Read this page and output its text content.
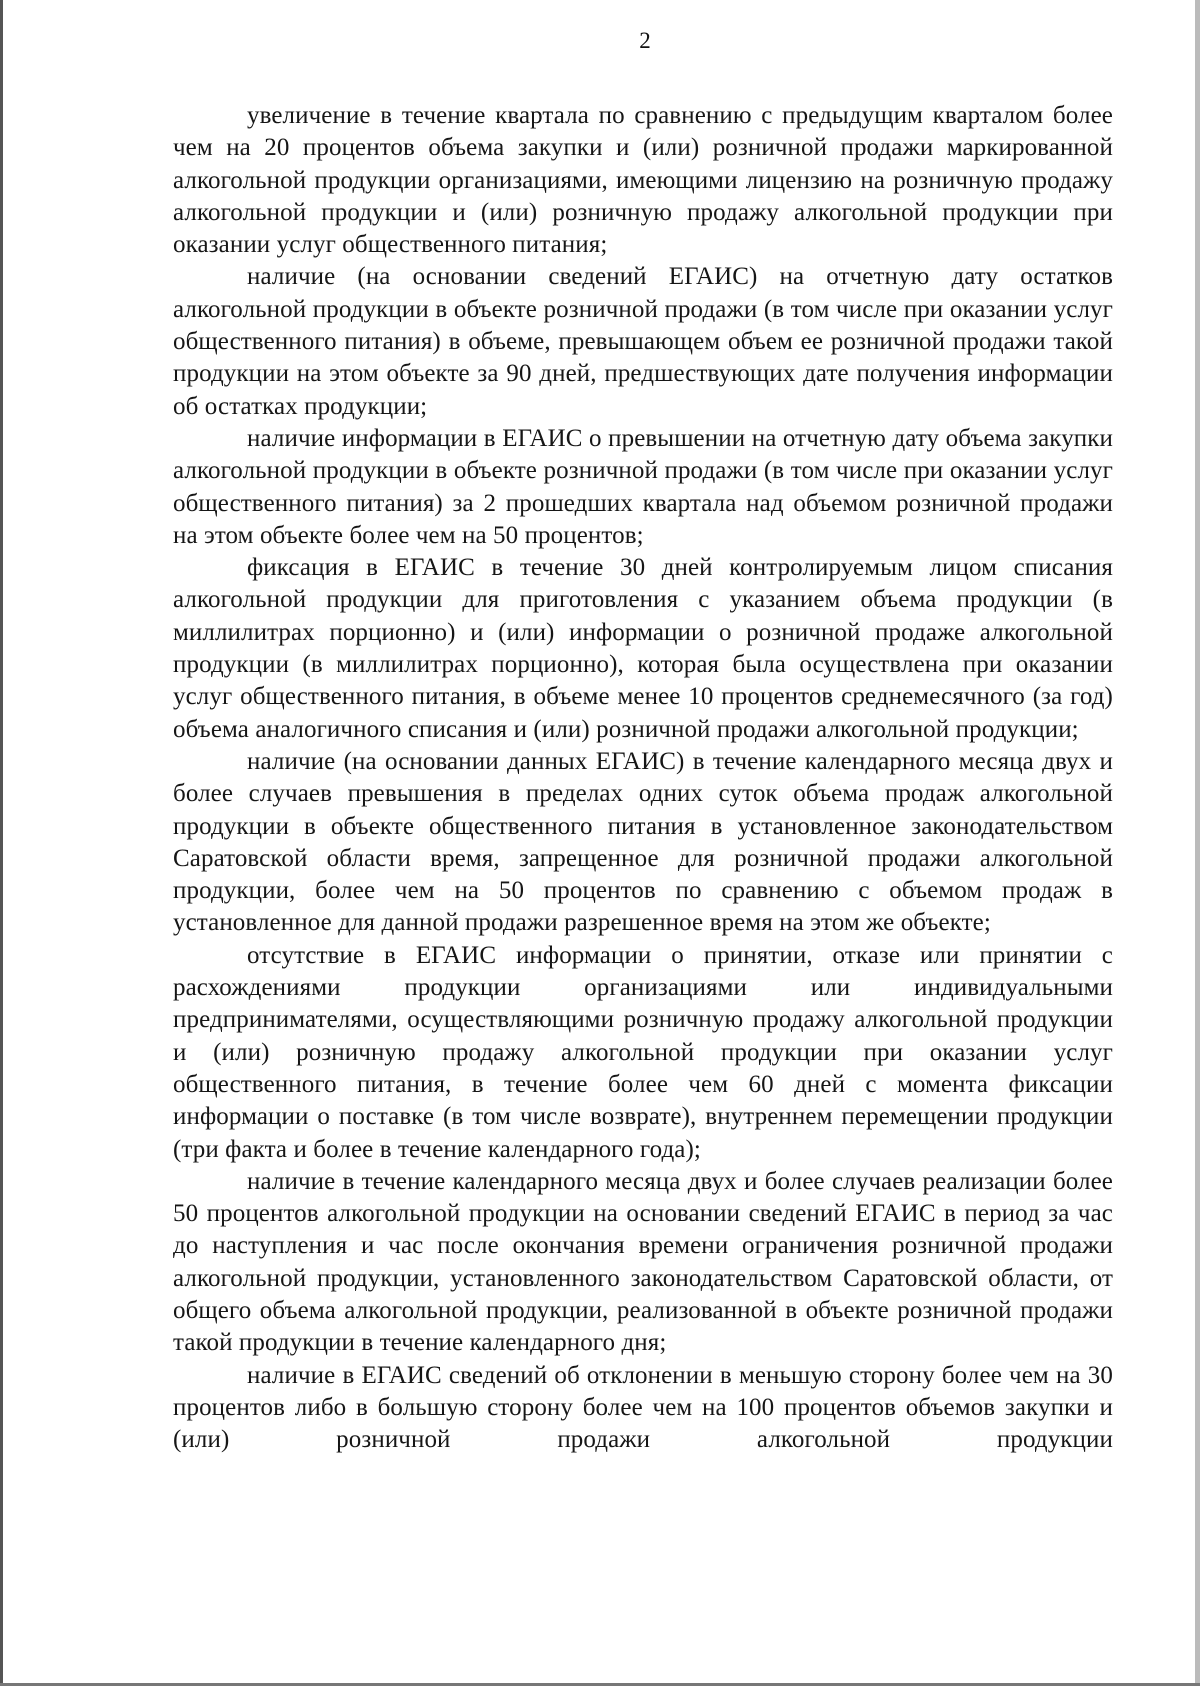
2

увеличение в течение квартала по сравнению с предыдущим кварталом более чем на 20 процентов объема закупки и (или) розничной продажи маркированной алкогольной продукции организациями, имеющими лицензию на розничную продажу алкогольной продукции и (или) розничную продажу алкогольной продукции при оказании услуг общественного питания;

наличие (на основании сведений ЕГАИС) на отчетную дату остатков алкогольной продукции в объекте розничной продажи (в том числе при оказании услуг общественного питания) в объеме, превышающем объем ее розничной продажи такой продукции на этом объекте за 90 дней, предшествующих дате получения информации об остатках продукции;

наличие информации в ЕГАИС о превышении на отчетную дату объема закупки алкогольной продукции в объекте розничной продажи (в том числе при оказании услуг общественного питания) за 2 прошедших квартала над объемом розничной продажи на этом объекте более чем на 50 процентов;

фиксация в ЕГАИС в течение 30 дней контролируемым лицом списания алкогольной продукции для приготовления с указанием объема продукции (в миллилитрах порционно) и (или) информации о розничной продаже алкогольной продукции (в миллилитрах порционно), которая была осуществлена при оказании услуг общественного питания, в объеме менее 10 процентов среднемесячного (за год) объема аналогичного списания и (или) розничной продажи алкогольной продукции;

наличие (на основании данных ЕГАИС) в течение календарного месяца двух и более случаев превышения в пределах одних суток объема продаж алкогольной продукции в объекте общественного питания в установленное законодательством Саратовской области время, запрещенное для розничной продажи алкогольной продукции, более чем на 50 процентов по сравнению с объемом продаж в установленное для данной продажи разрешенное время на этом же объекте;

отсутствие в ЕГАИС информации о принятии, отказе или принятии с расхождениями продукции организациями или индивидуальными предпринимателями, осуществляющими розничную продажу алкогольной продукции и (или) розничную продажу алкогольной продукции при оказании услуг общественного питания, в течение более чем 60 дней с момента фиксации информации о поставке (в том числе возврате), внутреннем перемещении продукции (три факта и более в течение календарного года);

наличие в течение календарного месяца двух и более случаев реализации более 50 процентов алкогольной продукции на основании сведений ЕГАИС в период за час до наступления и час после окончания времени ограничения розничной продажи алкогольной продукции, установленного законодательством Саратовской области, от общего объема алкогольной продукции, реализованной в объекте розничной продажи такой продукции в течение календарного дня;

наличие в ЕГАИС сведений об отклонении в меньшую сторону более чем на 30 процентов либо в большую сторону более чем на 100 процентов объемов закупки и (или) розничной продажи алкогольной продукции
